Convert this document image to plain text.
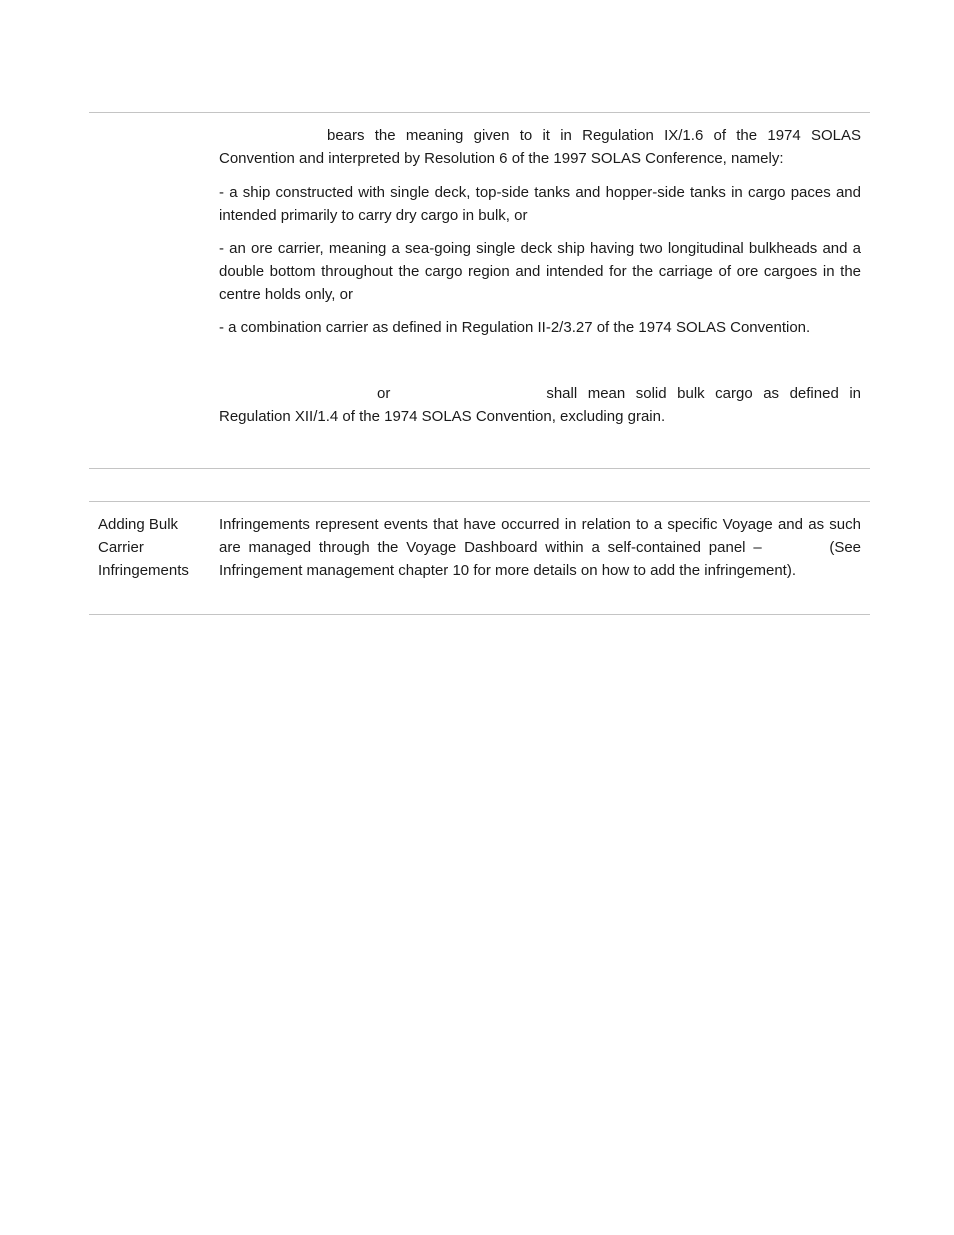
bears the meaning given to it in Regulation IX/1.6 of the 1974 SOLAS Convention and interpreted by Resolution 6 of the 1997 SOLAS Conference, namely:

- a ship constructed with single deck, top-side tanks and hopper-side tanks in cargo paces and intended primarily to carry dry cargo in bulk, or

- an ore carrier, meaning a sea-going single deck ship having two longitudinal bulkheads and a double bottom throughout the cargo region and intended for the carriage of ore cargoes in the centre holds only, or

- a combination carrier as defined in Regulation II-2/3.27 of the 1974 SOLAS Convention.

or	shall mean solid bulk cargo as defined in Regulation XII/1.4 of the 1974 SOLAS Convention, excluding grain.

Adding Bulk
Carrier
Infringements

Infringements represent events that have occurred in relation to a specific Voyage and as such are managed through the Voyage Dashboard within a self-contained panel –	(See Infringement management chapter 10 for more details on how to add the infringement).
